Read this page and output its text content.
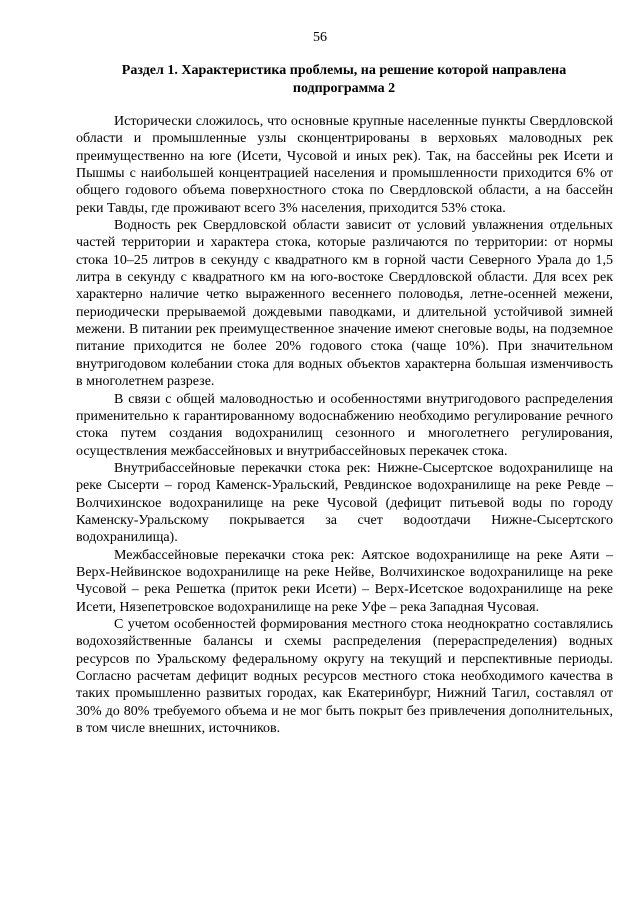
56
Раздел 1. Характеристика проблемы, на решение которой направлена подпрограмма 2

Исторически сложилось, что основные крупные населенные пункты Свердловской области и промышленные узлы сконцентрированы в верховьях маловодных рек преимущественно на юге (Исети, Чусовой и иных рек). Так, на бассейны рек Исети и Пышмы с наибольшей концентрацией населения и промышленности приходится 6% от общего годового объема поверхностного стока по Свердловской области, а на бассейн реки Тавды, где проживают всего 3% населения, приходится 53% стока.

Водность рек Свердловской области зависит от условий увлажнения отдельных частей территории и характера стока, которые различаются по территории: от нормы стока 10–25 литров в секунду с квадратного км в горной части Северного Урала до 1,5 литра в секунду с квадратного км на юго-востоке Свердловской области. Для всех рек характерно наличие четко выраженного весеннего половодья, летне-осенней межени, периодически прерываемой дождевыми паводками, и длительной устойчивой зимней межени. В питании рек преимущественное значение имеют снеговые воды, на подземное питание приходится не более 20% годового стока (чаще 10%). При значительном внутригодовом колебании стока для водных объектов характерна большая изменчивость в многолетнем разрезе.

В связи с общей маловодностью и особенностями внутригодового распределения применительно к гарантированному водоснабжению необходимо регулирование речного стока путем создания водохранилищ сезонного и многолетнего регулирования, осуществления межбассейновых и внутрибассейновых перекачек стока.

Внутрибассейновые перекачки стока рек: Нижне-Сысертское водохранилище на реке Сысерти – город Каменск-Уральский, Ревдинское водохранилище на реке Ревде – Волчихинское водохранилище на реке Чусовой (дефицит питьевой воды по городу Каменску-Уральскому покрывается за счет водоотдачи Нижне-Сысертского водохранилища).

Межбассейновые перекачки стока рек: Аятское водохранилище на реке Аяти – Верх-Нейвинское водохранилище на реке Нейве, Волчихинское водохранилище на реке Чусовой – река Решетка (приток реки Исети) – Верх-Исетское водохранилище на реке Исети, Нязепетровское водохранилище на реке Уфе – река Западная Чусовая.

С учетом особенностей формирования местного стока неоднократно составлялись водохозяйственные балансы и схемы распределения (перераспределения) водных ресурсов по Уральскому федеральному округу на текущий и перспективные периоды. Согласно расчетам дефицит водных ресурсов местного стока необходимого качества в таких промышленно развитых городах, как Екатеринбург, Нижний Тагил, составлял от 30% до 80% требуемого объема и не мог быть покрыт без привлечения дополнительных, в том числе внешних, источников.
